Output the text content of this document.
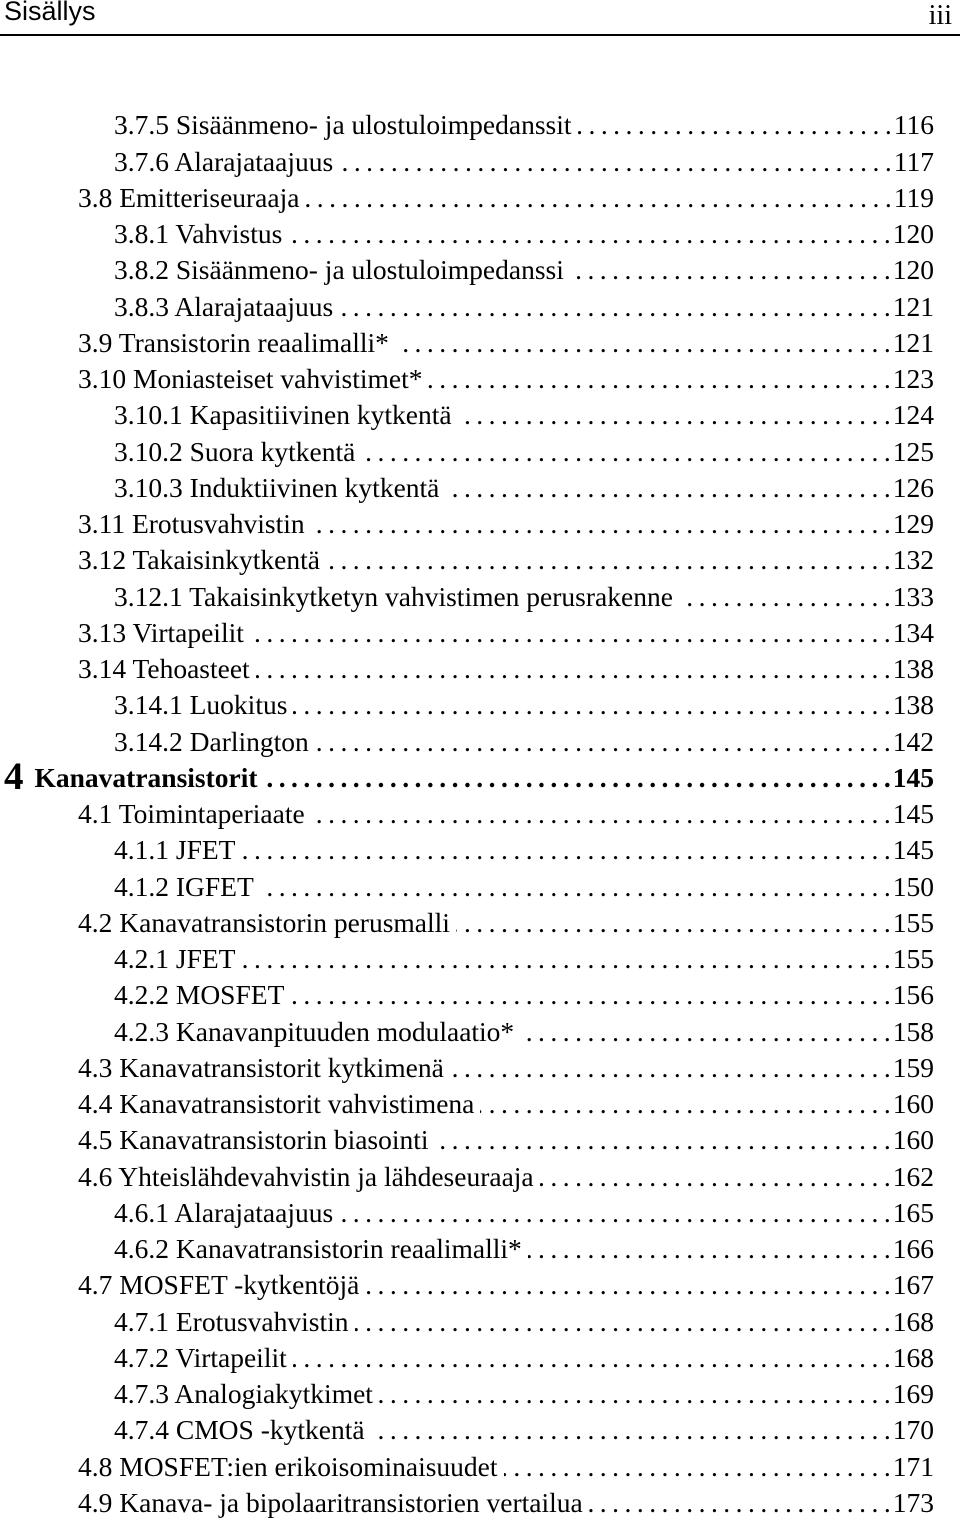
Sisällys	iii
3.7.5 Sisäänmeno- ja ulostuloimpedanssit . . .	116
3.7.6 Alarajataajuus . . .	117
3.8 Emitteriseuraaja . . .	119
3.8.1 Vahvistus . . .	120
3.8.2 Sisäänmeno- ja ulostuloimpedanssi . . .	120
3.8.3 Alarajataajuus . . .	121
3.9 Transistorin reaalimalli* . . .	121
3.10 Moniasteiset vahvistimet* . . .	123
3.10.1 Kapasitiivinen kytkentä . . .	124
3.10.2 Suora kytkentä . . .	125
3.10.3 Induktiivinen kytkentä . . .	126
3.11 Erotusvahvistin . . .	129
3.12 Takaisinkytkentä . . .	132
3.12.1 Takaisinkytketyn vahvistimen perusrakenne . . .	133
3.13 Virtapeilit . . .	134
3.14 Tehoasteet . . .	138
3.14.1 Luokitus . . .	138
3.14.2 Darlington . . .	142
4 Kanavatransistorit . . .	145
4.1 Toimintaperiaate . . .	145
4.1.1 JFET . . .	145
4.1.2 IGFET . . .	150
4.2 Kanavatransistorin perusmalli . . .	155
4.2.1 JFET . . .	155
4.2.2 MOSFET . . .	156
4.2.3 Kanavanpituuden modulaatio* . . .	158
4.3 Kanavatransistorit kytkimenä . . .	159
4.4 Kanavatransistorit vahvistimena . . .	160
4.5 Kanavatransistorin biasointi . . .	160
4.6 Yhteislähdevahvistin ja lähdeseuraaja . . .	162
4.6.1 Alarajataajuus . . .	165
4.6.2 Kanavatransistorin reaalimalli* . . .	166
4.7 MOSFET -kytkentöjä . . .	167
4.7.1 Erotusvahvistin . . .	168
4.7.2 Virtapeilit . . .	168
4.7.3 Analogiakytkimet . . .	169
4.7.4 CMOS -kytkentä . . .	170
4.8 MOSFET:ien erikoisominaisuudet . . .	171
4.9 Kanava- ja bipolaaritransistorien vertailua . . .	173
